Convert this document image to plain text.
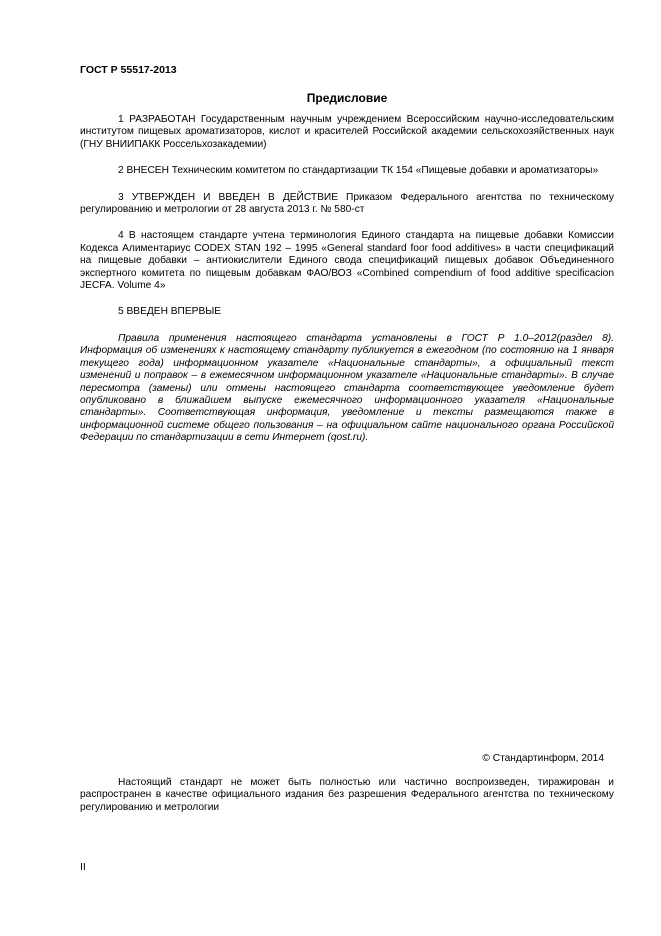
ГОСТ Р 55517-2013
Предисловие

1 РАЗРАБОТАН Государственным научным учреждением Всероссийским научно-исследовательским институтом пищевых ароматизаторов, кислот и красителей Российской академии сельскохозяйственных наук (ГНУ ВНИИПАКК Россельхозакадемии)

2 ВНЕСЕН Техническим комитетом по стандартизации ТК 154 «Пищевые добавки и ароматизаторы»

3 УТВЕРЖДЕН И ВВЕДЕН В ДЕЙСТВИЕ Приказом Федерального агентства по техническому регулированию и метрологии от 28 августа 2013 г. № 580-ст

4 В настоящем стандарте учтена терминология Единого стандарта на пищевые добавки Комиссии Кодекса Алиментариус CODEX STAN 192 – 1995 «General standard foor food additives» в части спецификаций на пищевые добавки – антиокислители Единого свода спецификаций пищевых добавок Объединенного экспертного комитета по пищевым добавкам ФАО/ВОЗ «Combined compendium of food additive specificacion JECFA. Volume 4»

5 ВВЕДЕН ВПЕРВЫЕ

Правила применения настоящего стандарта установлены в ГОСТ Р 1.0–2012(раздел 8). Информация об изменениях к настоящему стандарту публикуется в ежегодном (по состоянию на 1 января текущего года) информационном указателе «Национальные стандарты», а официальный текст изменений и поправок – в ежемесячном информационном указателе «Национальные стандарты». В случае пересмотра (замены) или отмены настоящего стандарта соответствующее уведомление будет опубликовано в ближайшем выпуске ежемесячного информационного указателя «Национальные стандарты». Соответствующая информация, уведомление и тексты размещаются также в информационной системе общего пользования – на официальном сайте национального органа Российской Федерации по стандартизации в сети Интернет (qost.ru).

© Стандартинформ, 2014

Настоящий стандарт не может быть полностью или частично воспроизведен, тиражирован и распространен в качестве официального издания без разрешения Федерального агентства по техническому регулированию и метрологии

II
